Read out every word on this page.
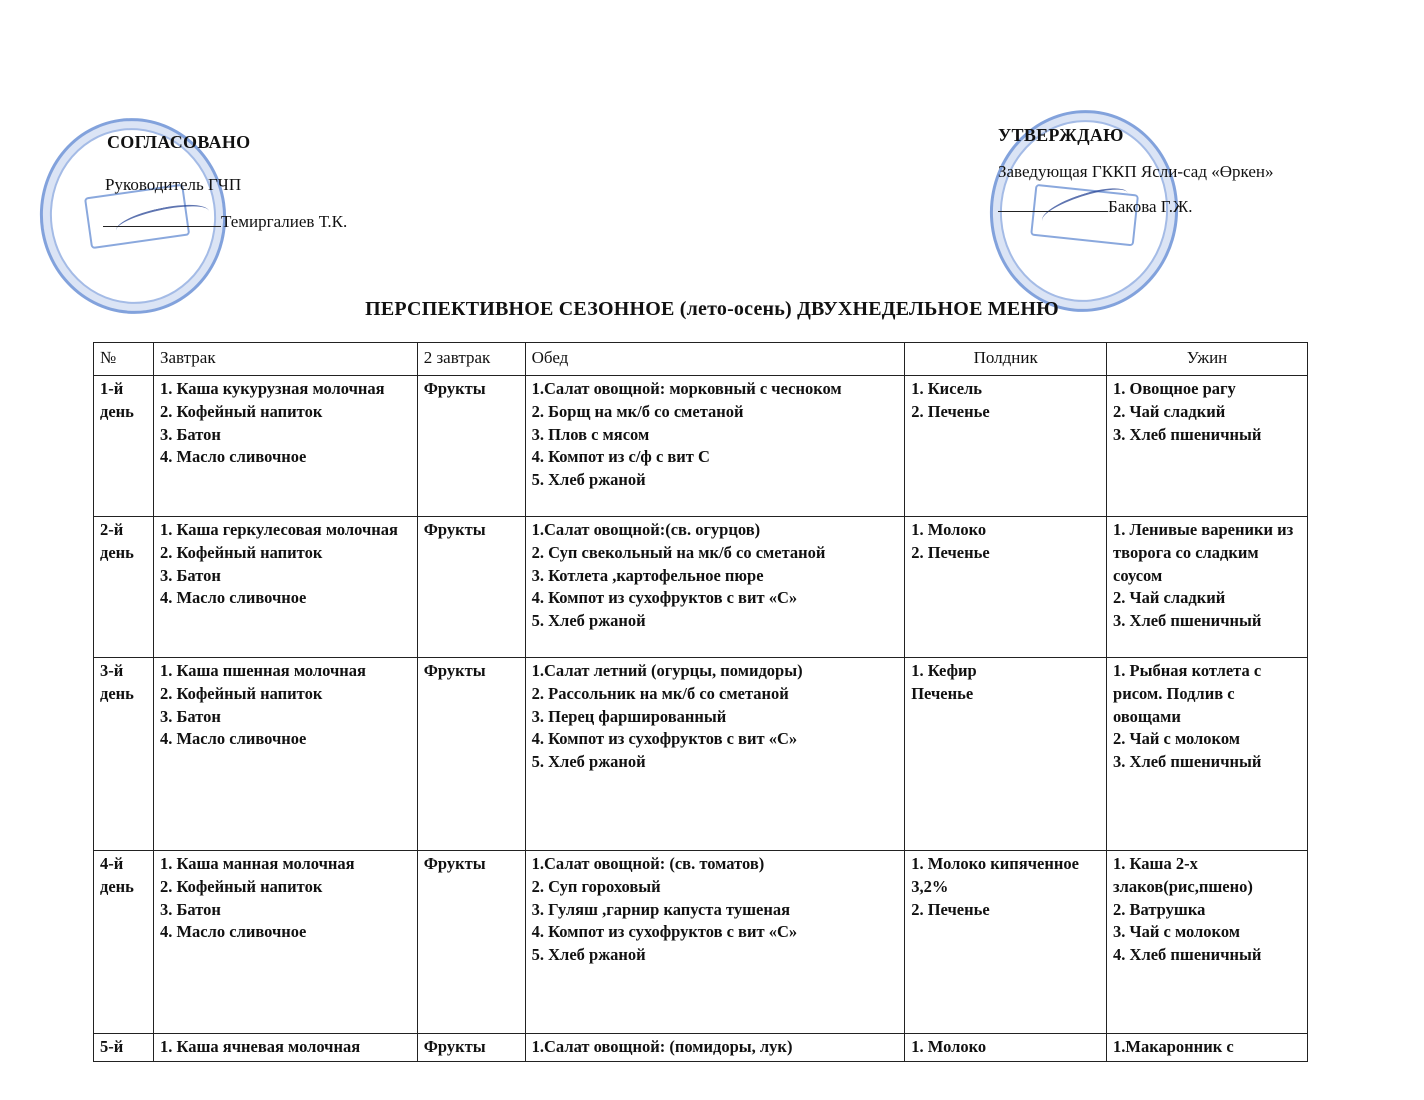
СОГЛАСОВАНО
Руководитель ГЧП
Темиргалиев Т.К.
УТВЕРЖДАЮ
Заведующая ГККП Ясли-сад «Өркен»
Бакова Г.Ж.
ПЕРСПЕКТИВНОЕ СЕЗОННОЕ (лето-осень) ДВУХНЕДЕЛЬНОЕ МЕНЮ
№	Завтрак	2 завтрак	Обед	Полдник	Ужин
1-й день	1. Каша кукурузная молочная
2. Кофейный напиток
3. Батон
4. Масло сливочное	Фрукты	1.Салат овощной: морковный с чесноком
2. Борщ на мк/б со сметаной
3. Плов с мясом
4. Компот из с/ф с вит С
5. Хлеб ржаной	1. Кисель
2. Печенье	1. Овощное рагу
2. Чай сладкий
3. Хлеб пшеничный

2-й день	1. Каша геркулесовая молочная
2. Кофейный напиток
3. Батон
4. Масло сливочное	Фрукты	1.Салат овощной:(св. огурцов)
2. Суп свекольный на мк/б со сметаной
3. Котлета ,картофельное пюре
4. Компот из сухофруктов с вит «С»
5. Хлеб ржаной	1. Молоко
2. Печенье	1. Ленивые вареники из творога со сладким соусом
2. Чай сладкий
3. Хлеб пшеничный

3-й день	1. Каша пшенная молочная
2. Кофейный напиток
3. Батон
4. Масло сливочное	Фрукты	1.Салат летний (огурцы, помидоры)
2. Рассольник на мк/б со сметаной
3. Перец фаршированный
4. Компот из сухофруктов с вит «С»
5. Хлеб ржаной	1. Кефир
Печенье	1. Рыбная котлета с рисом. Подлив с овощами
2. Чай с молоком
3. Хлеб пшеничный

4-й день	1. Каша манная молочная
2. Кофейный напиток
3. Батон
4. Масло сливочное	Фрукты	1.Салат овощной: (св. томатов)
2. Суп гороховый
3. Гуляш ,гарнир капуста тушеная
4. Компот из сухофруктов с вит «С»
5. Хлеб ржаной	1. Молоко кипяченное 3,2%
2. Печенье	1. Каша 2-х злаков(рис,пшено)
2. Ватрушка
3. Чай с молоком
4. Хлеб пшеничный

5-й	1. Каша ячневая молочная	Фрукты	1.Салат овощной: (помидоры, лук)	1. Молоко	1.Макаронник с
